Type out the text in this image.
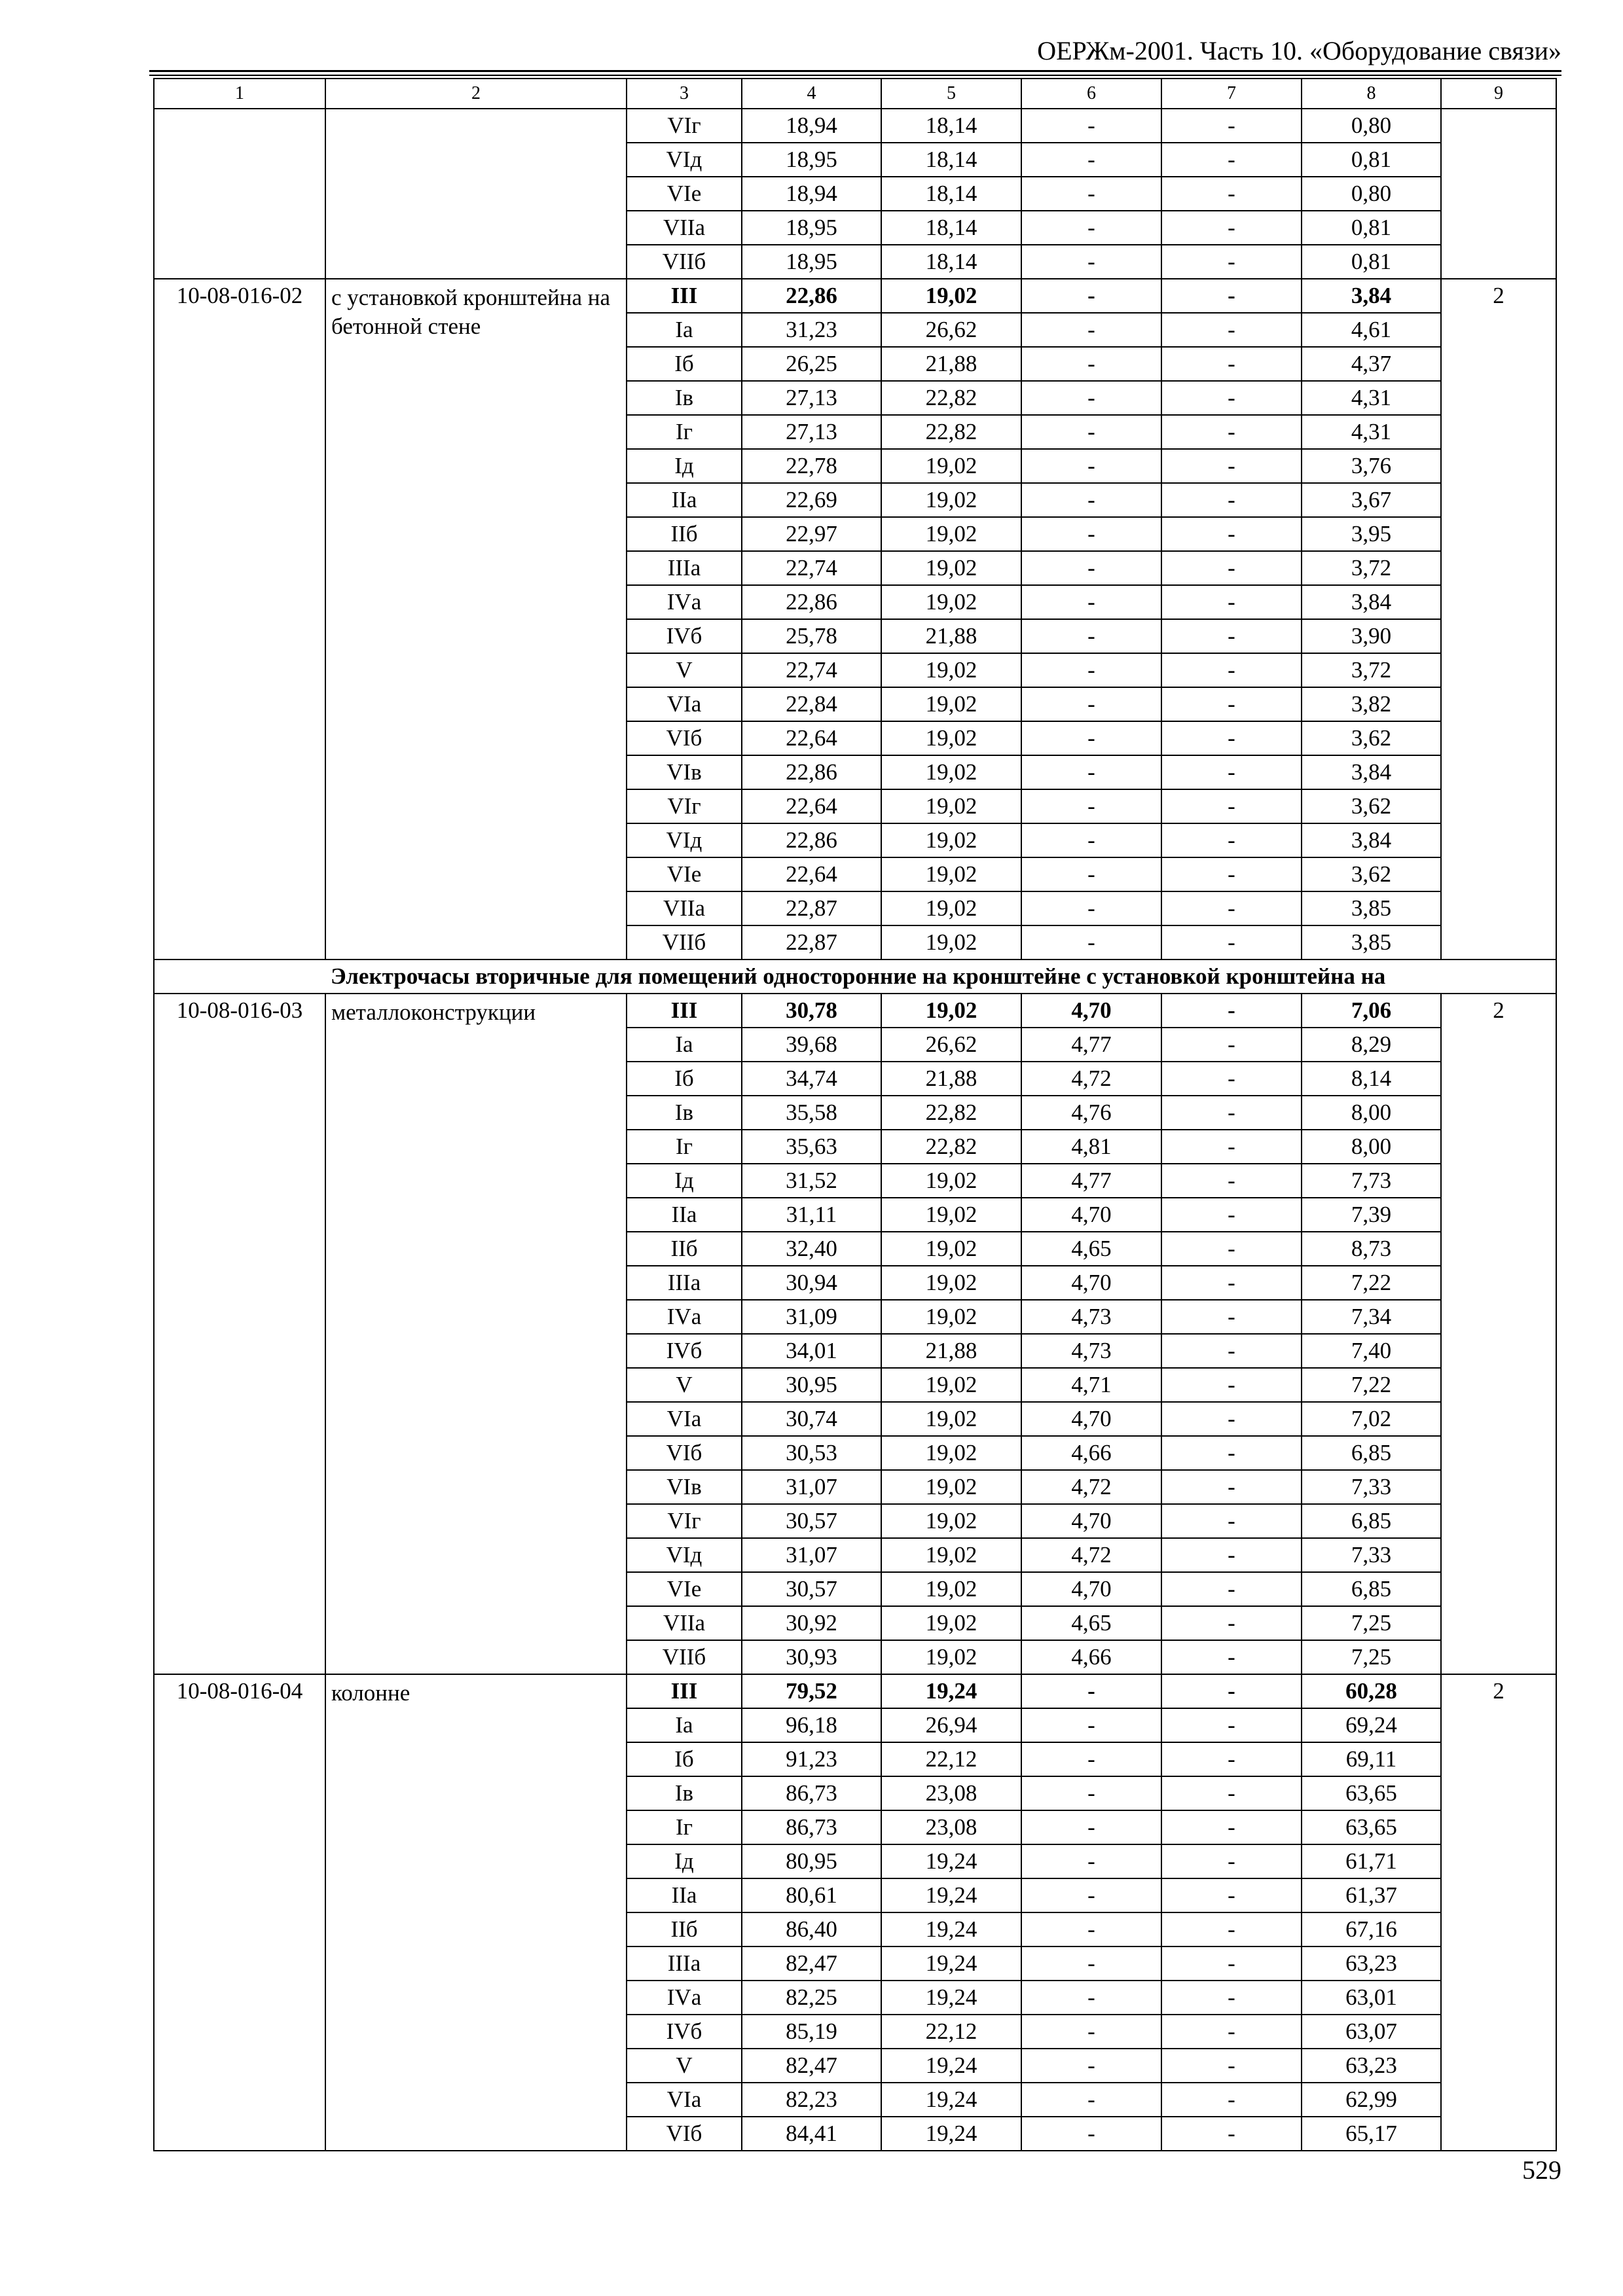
ОЕРЖм-2001. Часть 10. «Оборудование связи»
1	2	3	4	5	6	7	8	9
		VIг	18,94	18,14	-	-	0,80	
		VIд	18,95	18,14	-	-	0,81	
		VIе	18,94	18,14	-	-	0,80	
		VIIа	18,95	18,14	-	-	0,81	
		VIIб	18,95	18,14	-	-	0,81	
10-08-016-02	с установкой кронштейна на бетонной стене	III	22,86	19,02	-	-	3,84	2
		Iа	31,23	26,62	-	-	4,61	
		Iб	26,25	21,88	-	-	4,37	
		Iв	27,13	22,82	-	-	4,31	
		Iг	27,13	22,82	-	-	4,31	
		Iд	22,78	19,02	-	-	3,76	
		IIа	22,69	19,02	-	-	3,67	
		IIб	22,97	19,02	-	-	3,95	
		IIIа	22,74	19,02	-	-	3,72	
		IVа	22,86	19,02	-	-	3,84	
		IVб	25,78	21,88	-	-	3,90	
		V	22,74	19,02	-	-	3,72	
		VIа	22,84	19,02	-	-	3,82	
		VIб	22,64	19,02	-	-	3,62	
		VIв	22,86	19,02	-	-	3,84	
		VIг	22,64	19,02	-	-	3,62	
		VIд	22,86	19,02	-	-	3,84	
		VIе	22,64	19,02	-	-	3,62	
		VIIа	22,87	19,02	-	-	3,85	
		VIIб	22,87	19,02	-	-	3,85	
	Электрочасы вторичные для помещений односторонние на кронштейне с установкой кронштейна на							
10-08-016-03	металлоконструкции	III	30,78	19,02	4,70	-	7,06	2
		Iа	39,68	26,62	4,77	-	8,29	
		Iб	34,74	21,88	4,72	-	8,14	
		Iв	35,58	22,82	4,76	-	8,00	
		Iг	35,63	22,82	4,81	-	8,00	
		Iд	31,52	19,02	4,77	-	7,73	
		IIа	31,11	19,02	4,70	-	7,39	
		IIб	32,40	19,02	4,65	-	8,73	
		IIIа	30,94	19,02	4,70	-	7,22	
		IVа	31,09	19,02	4,73	-	7,34	
		IVб	34,01	21,88	4,73	-	7,40	
		V	30,95	19,02	4,71	-	7,22	
		VIа	30,74	19,02	4,70	-	7,02	
		VIб	30,53	19,02	4,66	-	6,85	
		VIв	31,07	19,02	4,72	-	7,33	
		VIг	30,57	19,02	4,70	-	6,85	
		VIд	31,07	19,02	4,72	-	7,33	
		VIе	30,57	19,02	4,70	-	6,85	
		VIIа	30,92	19,02	4,65	-	7,25	
		VIIб	30,93	19,02	4,66	-	7,25	
10-08-016-04	колонне	III	79,52	19,24	-	-	60,28	2
		Iа	96,18	26,94	-	-	69,24	
		Iб	91,23	22,12	-	-	69,11	
		Iв	86,73	23,08	-	-	63,65	
		Iг	86,73	23,08	-	-	63,65	
		Iд	80,95	19,24	-	-	61,71	
		IIа	80,61	19,24	-	-	61,37	
		IIб	86,40	19,24	-	-	67,16	
		IIIа	82,47	19,24	-	-	63,23	
		IVа	82,25	19,24	-	-	63,01	
		IVб	85,19	22,12	-	-	63,07	
		V	82,47	19,24	-	-	63,23	
		VIа	82,23	19,24	-	-	62,99	
		VIб	84,41	19,24	-	-	65,17	
529
